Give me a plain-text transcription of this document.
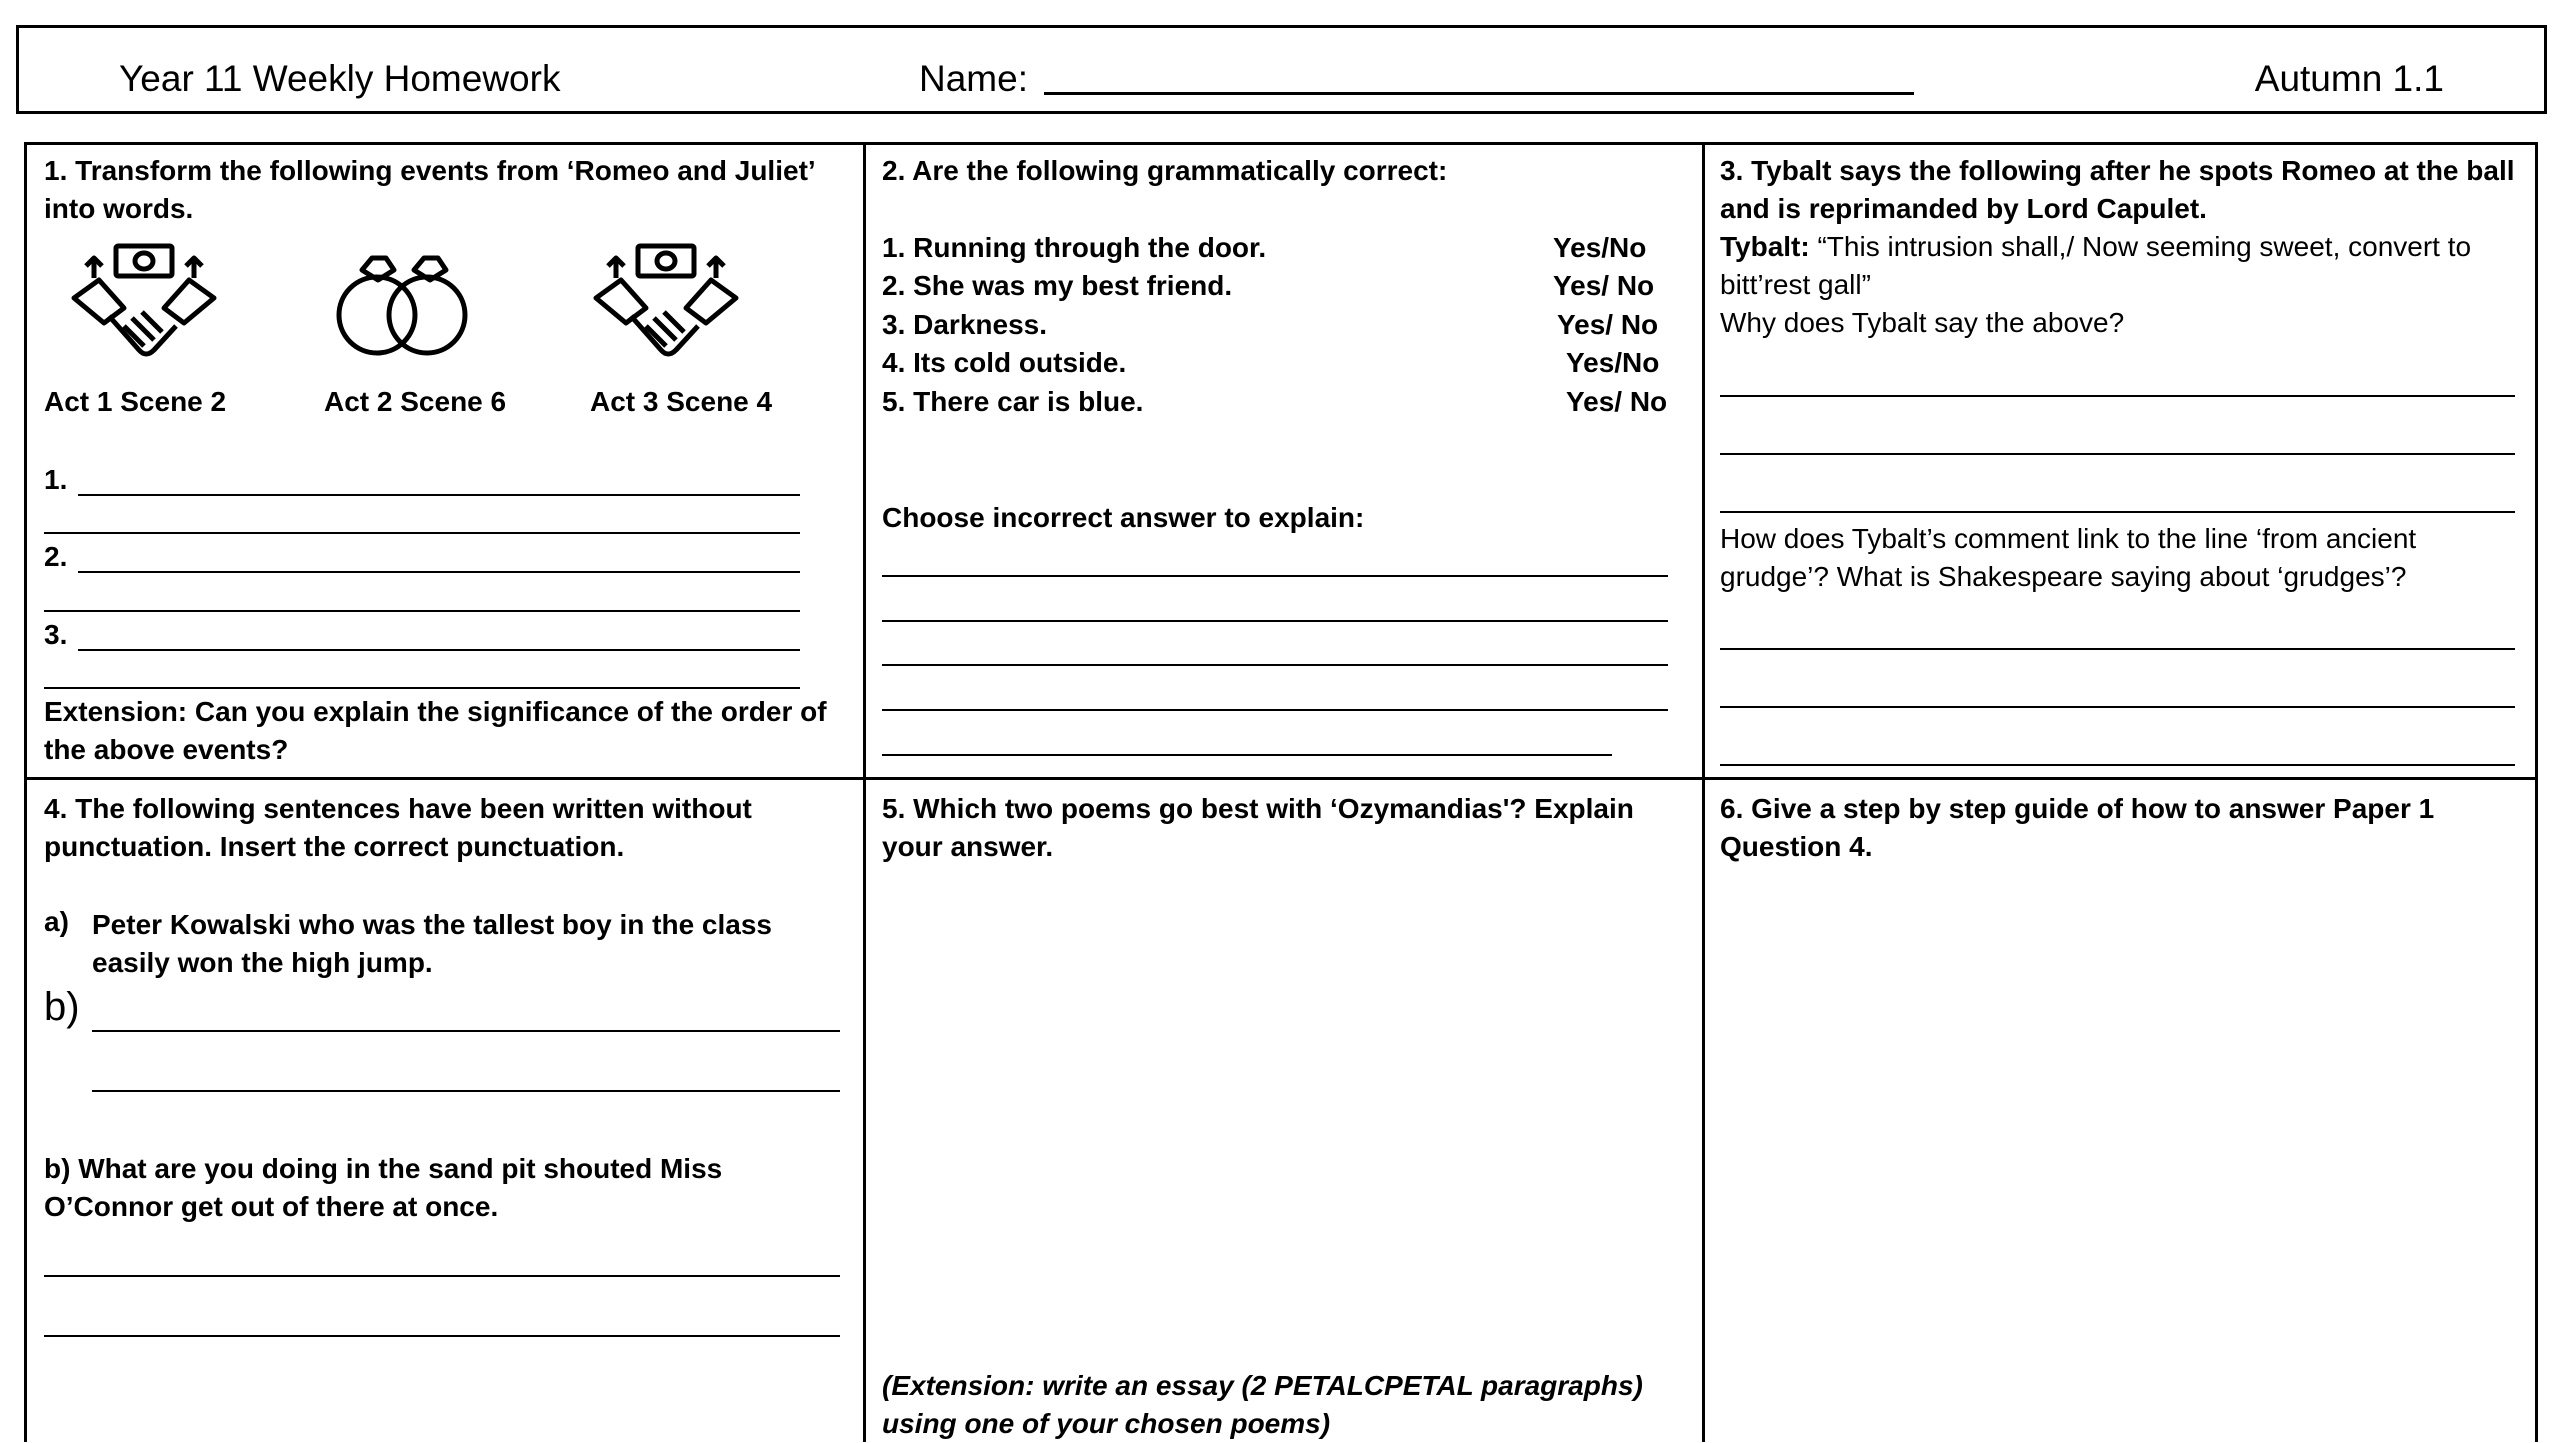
Year 11 Weekly Homework	Name:	Autumn 1.1
1. Transform the following events from ‘Romeo and Juliet’ into words.
Act 1 Scene 2	Act 2 Scene 6	Act 3 Scene 4
1.
2.
3.
Extension: Can you explain the significance of the order of the above events?
2. Are the following grammatically correct:
1. Running through the door.	Yes/No
2. She was my best friend.	Yes/ No
3. Darkness.	Yes/ No
4. Its cold outside.	Yes/No
5. There car is blue.	Yes/ No
Choose incorrect answer to explain:
3. Tybalt says the following after he spots Romeo at the ball and is reprimanded by Lord Capulet.
Tybalt: “This intrusion shall,/ Now seeming sweet, convert to bitt’rest gall”
Why does Tybalt say the above?
How does Tybalt’s comment link to the line ‘from ancient grudge’? What is Shakespeare saying about ‘grudges’?
4. The following sentences have been written without punctuation. Insert the correct punctuation.
a) Peter Kowalski who was the tallest boy in the class easily won the high jump.
b)
b) What are you doing in the sand pit shouted Miss O’Connor get out of there at once.
5. Which two poems go best with ‘Ozymandias'? Explain your answer.
(Extension: write an essay (2 PETALCPETAL paragraphs) using one of your chosen poems)
6. Give a step by step guide of how to answer Paper 1 Question 4.
